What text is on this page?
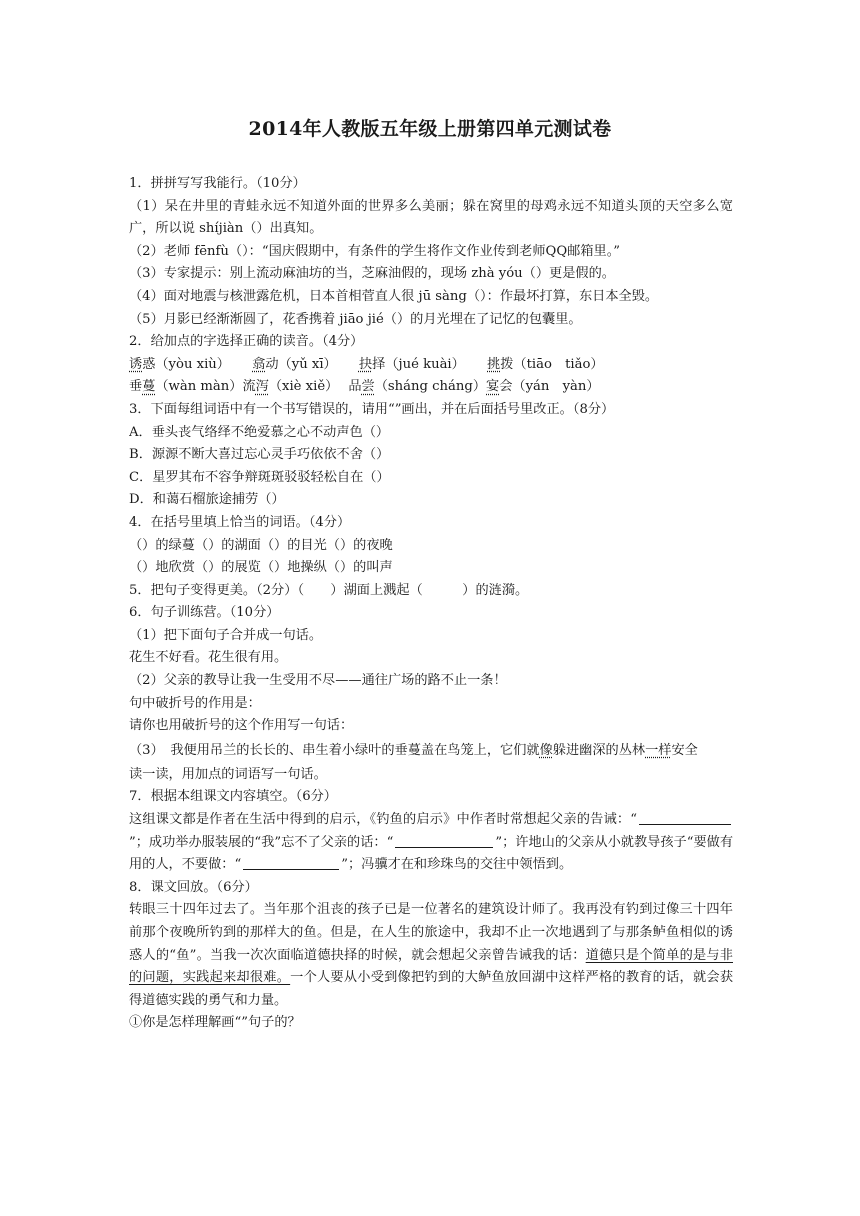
2014年人教版五年级上册第四单元测试卷
1．拼拼写写我能行。（10分）
（1）呆在井里的青蛙永远不知道外面的世界多么美丽；躲在窝里的母鸡永远不知道头顶的天空多么宽广，所以说 shíjiàn（）出真知。
（2）老师 fēnfù（）：“国庆假期中，有条件的学生将作文作业传到老师QQ邮箱里。”
（3）专家提示：别上流动麻油坊的当，芝麻油假的，现场 zhà yóu（）更是假的。
（4）面对地震与核泄露危机，日本首相菅直人很 jū sàng（）：作最坏打算，东日本全毁。
（5）月影已经渐渐圆了，花香携着 jiāo jié（）的月光埋在了记忆的包囊里。
2．给加点的字选择正确的读音。（4分）
诱惑（yòu xiù） 翕动（yǔ xī） 抉择（jué kuài） 挑拨（tiāo　tiǎo）
垂蔓（wàn màn）流泻（xiè xiě） 品尝（sháng cháng）宴会（yán　yàn）
3．下面每组词语中有一个书写错误的，请用“”画出，并在后面括号里改正。（8分）
A．垂头丧气络绎不绝爱慕之心不动声色（）
B．源源不断大喜过忘心灵手巧依依不舍（）
C．星罗其布不容争辩斑斑驳驳轻松自在（）
D．和蔼石榴旅途捕劳（）
4．在括号里填上恰当的词语。（4分）
（）的绿蔓（）的湖面（）的目光（）的夜晚
（）地欣赏（）的展览（）地操纵（）的叫声
5．把句子变得更美。（2分）（　　）湖面上溅起（　　　）的涟漪。
6．句子训练营。（10分）
（1）把下面句子合并成一句话。
花生不好看。花生很有用。
（2）父亲的教导让我一生受用不尽——通往广场的路不止一条！
句中破折号的作用是：
请你也用破折号的这个作用写一句话：
（3）　我便用吊兰的长长的、串生着小绿叶的垂蔓盖在鸟笼上，它们就像躲进幽深的丛林一样安全
读一读，用加点的词语写一句话。
7．根据本组课文内容填空。（6分）
这组课文都是作者在生活中得到的启示，《钓鱼的启示》中作者时常想起父亲的告诫：“”；成功举办服装展的“我”忘不了父亲的话：“	”；许地山的父亲从小就教导孩子“要做有用的人，不要做：“	”；冯骥才在和珍珠鸟的交往中领悟到。
8．课文回放。（6分）
转眼三十四年过去了。当年那个沮丧的孩子已是一位著名的建筑设计师了。我再没有钓到过像三十四年前那个夜晚所钓到的那样大的鱼。但是，在人生的旅途中，我却不止一次地遇到了与那条鲈鱼相似的诱惑人的“鱼”。当我一次次面临道德抉择的时候，就会想起父亲曾告诫我的话：道德只是个简单的是与非的问题，实践起来却很难。一个人要从小受到像把钓到的大鲈鱼放回湖中这样严格的教育的话，就会获得道德实践的勇气和力量。
①你是怎样理解画“”句子的？
